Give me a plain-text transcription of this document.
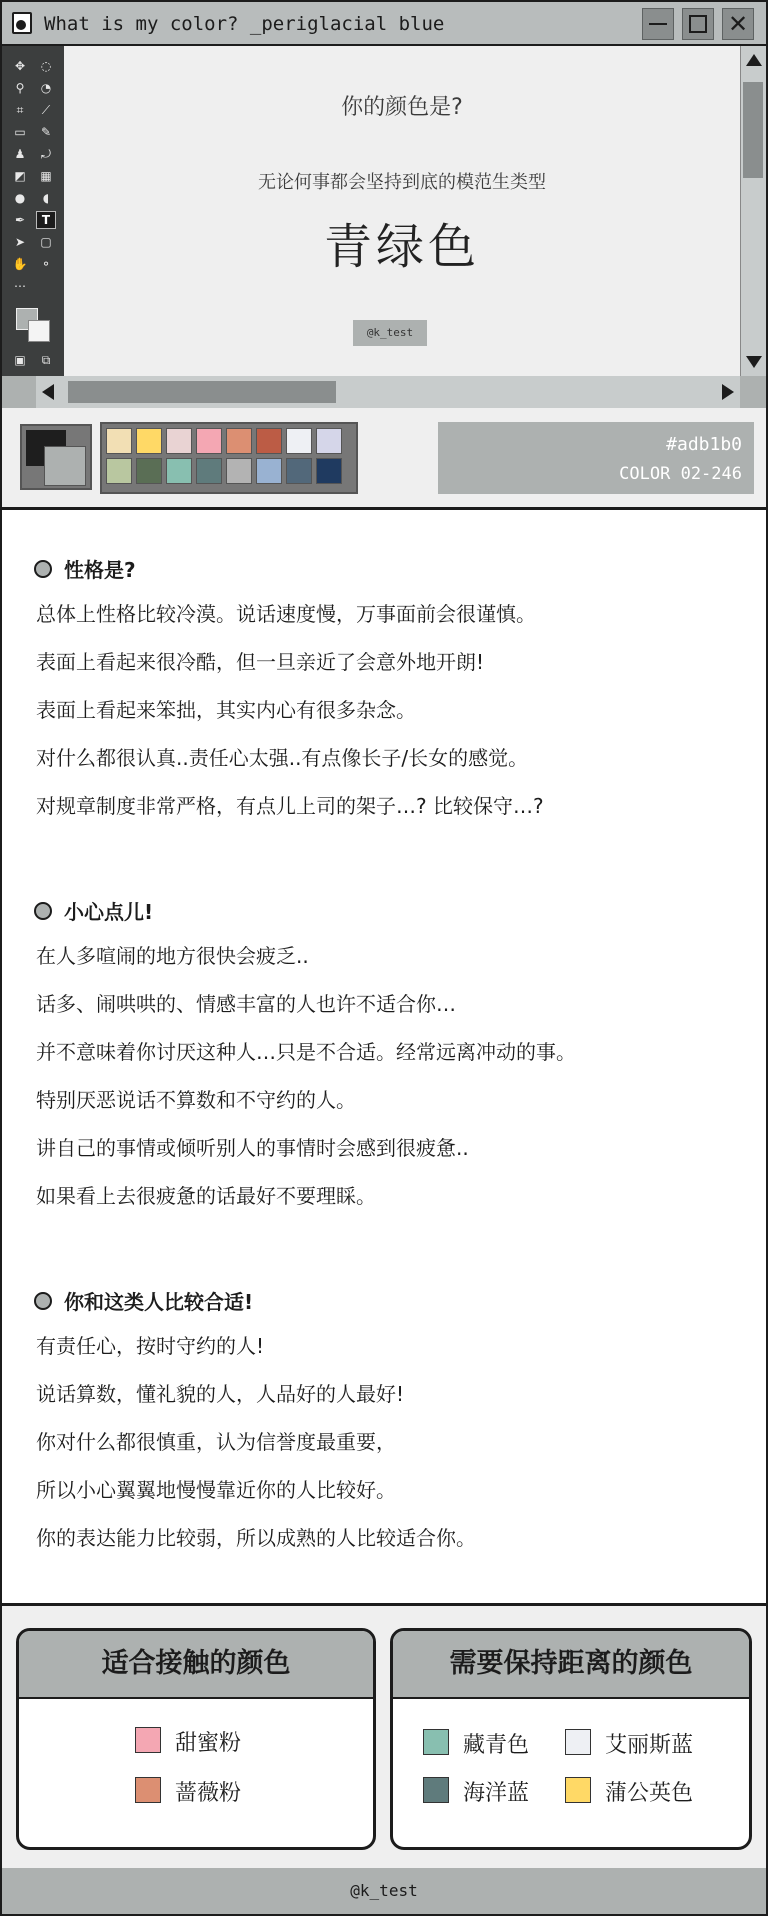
What is my color? _periglacial blue	✕
✥	◌
⚲	◔
⌗	⟋
▭	✎
♟	⤾
◩ ▦
●	◖
✒	T
➤	▢
✋	⚬
⋯
▣	⧉
你的颜色是?
无论何事都会坚持到底的模范生类型
青绿色
@k_test
#adb1b0
COLOR 02-246
性格是?
总体上性格比较冷漠。说话速度慢，万事面前会很谨慎。
表面上看起来很冷酷，但一旦亲近了会意外地开朗!
表面上看起来笨拙，其实内心有很多杂念。
对什么都很认真..责任心太强..有点像长子/长女的感觉。
对规章制度非常严格，有点儿上司的架子…? 比较保守…?
小心点儿!
在人多喧闹的地方很快会疲乏..
话多、闹哄哄的、情感丰富的人也许不适合你…
并不意味着你讨厌这种人…只是不合适。经常远离冲动的事。
特别厌恶说话不算数和不守约的人。
讲自己的事情或倾听别人的事情时会感到很疲惫..
如果看上去很疲惫的话最好不要理睬。
你和这类人比较合适!
有责任心，按时守约的人!
说话算数，懂礼貌的人，人品好的人最好!
你对什么都很慎重，认为信誉度最重要，
所以小心翼翼地慢慢靠近你的人比较好。
你的表达能力比较弱，所以成熟的人比较适合你。
适合接触的颜色
甜蜜粉
蔷薇粉
需要保持距离的颜色
藏青色	艾丽斯蓝
海洋蓝	蒲公英色
@k_test
